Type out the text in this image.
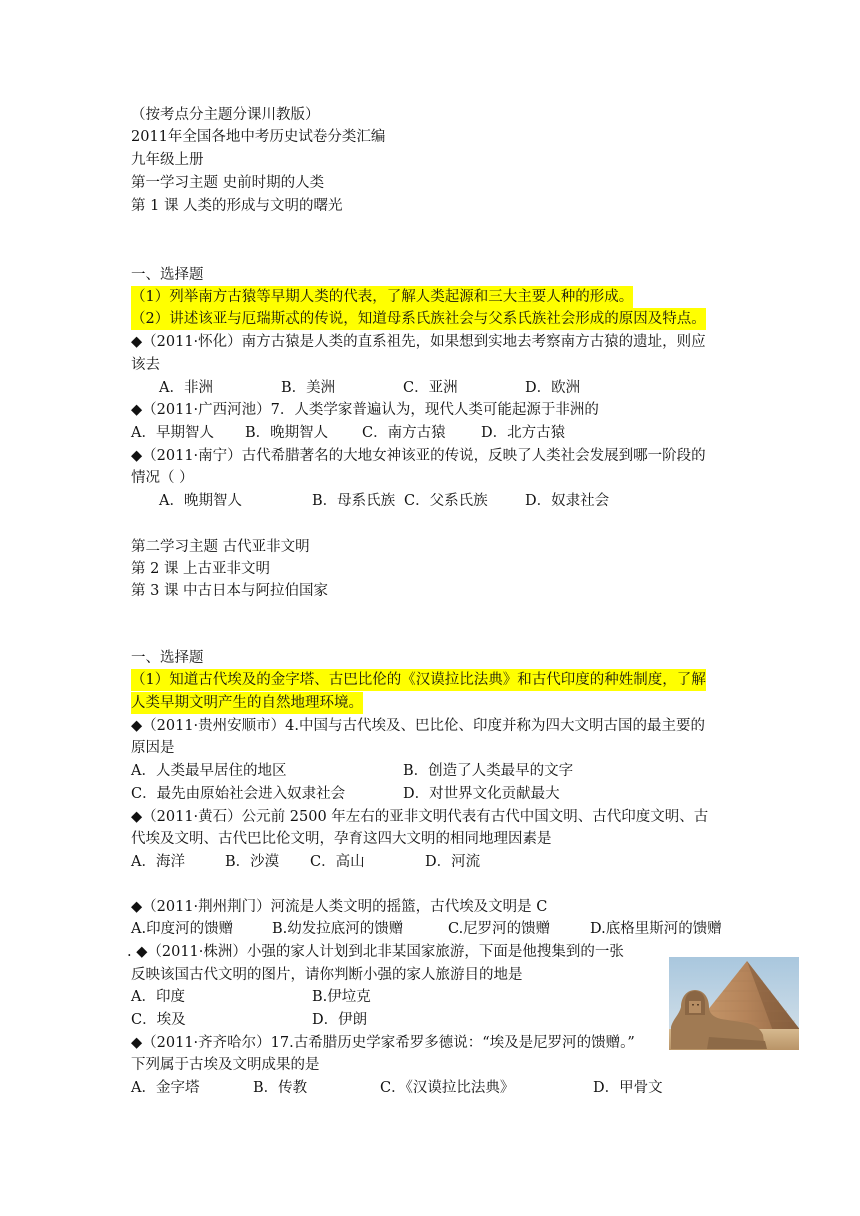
（按考点分主题分课川教版）
2011年全国各地中考历史试卷分类汇编
九年级上册
第一学习主题 史前时期的人类
第 1 课 人类的形成与文明的曙光
一、选择题
（1）列举南方古猿等早期人类的代表，了解人类起源和三大主要人种的形成。
（2）讲述该亚与厄瑞斯忒的传说，知道母系氏族社会与父系氏族社会形成的原因及特点。
◆（2011·怀化）南方古猿是人类的直系祖先，如果想到实地去考察南方古猿的遗址，则应
该去
A．非洲	B．美洲	C．亚洲	D．欧洲
◆（2011·广西河池）7．人类学家普遍认为，现代人类可能起源于非洲的
A．早期智人 B．晚期智人 C．南方古猿 D．北方古猿
◆（2011·南宁）古代希腊著名的大地女神该亚的传说，反映了人类社会发展到哪一阶段的
情况（ ）
A．晚期智人	B．母系氏族 C．父系氏族	D．奴隶社会
第二学习主题 古代亚非文明
第 2 课 上古亚非文明
第 3 课 中古日本与阿拉伯国家
一、选择题
（1）知道古代埃及的金字塔、古巴比伦的《汉谟拉比法典》和古代印度的种姓制度，了解
人类早期文明产生的自然地理环境。
◆（2011·贵州安顺市）4.中国与古代埃及、巴比伦、印度并称为四大文明古国的最主要的
原因是
A．人类最早居住的地区	B．创造了人类最早的文字
C．最先由原始社会进入奴隶社会	D．对世界文化贡献最大
◆（2011·黄石）公元前 2500 年左右的亚非文明代表有古代中国文明、古代印度文明、古
代埃及文明、古代巴比伦文明，孕育这四大文明的相同地理因素是
A．海洋	B．沙漠 C．高山	D．河流
◆（2011·荆州荆门）河流是人类文明的摇篮，古代埃及文明是 C
A.印度河的馈赠	B.幼发拉底河的馈赠	C.尼罗河的馈赠	D.底格里斯河的馈赠
. ◆（2011·株洲）小强的家人计划到北非某国家旅游，下面是他搜集到的一张
反映该国古代文明的图片，请你判断小强的家人旅游目的地是
A．印度	B.伊垃克
C．埃及	D．伊朗
◆（2011·齐齐哈尔）17.古希腊历史学家希罗多德说：“埃及是尼罗河的馈赠。”
下列属于古埃及文明成果的是
A．金字塔	B．传教	C．《汉谟拉比法典》	D．甲骨文
